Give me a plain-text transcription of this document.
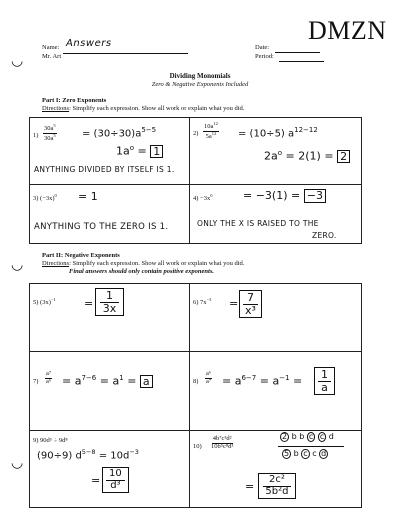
◡
◡
◡
DMZN
Name: Answers
Mr. Art
Date:
Period:
Dividing Monomials
Zero & Negative Exponents Included
Part I: Zero Exponents
Directions: Simplify each expression. Show all work or explain what you did.
$1) \frac{30a^5}{30a^5}$	= $(30\div 30)a^{5-5}$
$1a^o = 1$
ANYTHING DIVIDED BY ITSELF IS 1.
$2) \frac{10a^{12}}{5a^{12}} = (10\div 5)$ $a^{12-12}$
$2a^o = 2(1) = 2$
3) $(-3x)^0 = 1$
ANYTHING TO THE ZERO IS 1.
$4) -3x^0$	= −3(1) = −3
ONLY THE X IS RAISED TO THE
ZERO.
Part II: Negative Exponents
Directions: Simplify each expression. Show all work or explain what you did.
Final answers should only contain positive exponents.
5) $(3x)^{-1}$	= $\frac{1}{3x}$	6) $7x^{-3} = \frac{7}{\text{x³}}$
$7) \frac{\text{a⁷}}{\text{a⁶}} = a^{7-6} = a^1 = a$	$8) \frac{\text{a⁶}}{\text{a⁷}} = a^{6-7} = a^{-1} = \frac{1}{a}$
9) 90d⁵ ÷ 9d⁸
(90÷9) $d^{5-8} = 10d^{-3}$
= $\frac{10}{\text{d³}}$
$10) \frac{\text{4b⁷c³d²}}{\text{10b⁵c⁸d³}}$	2 b b c c d
5 b c c d
= $\frac{\text{2c²}}{\text{5b²d}}$
